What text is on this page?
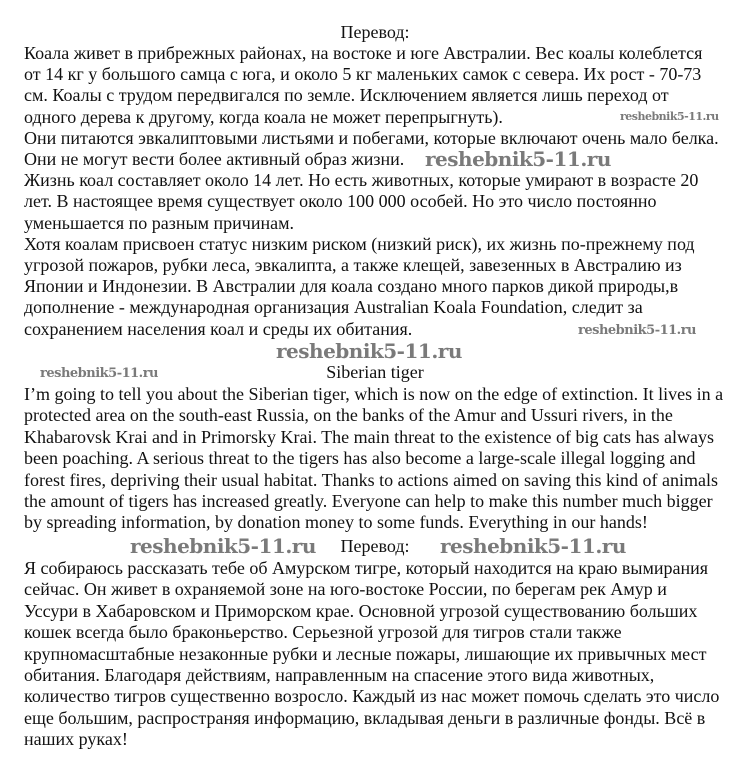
Перевод:
Коала живет в прибрежных районах, на востоке и юге Австралии. Вес коалы колеблется
от 14 кг у большого самца с юга, и около 5 кг маленьких самок с севера. Их рост - 70-73
см. Коалы с трудом передвигался по земле. Исключением является лишь переход от
одного дерева к другому, когда коала не может перепрыгнуть).
Они питаются эвкалиптовыми листьями и побегами, которые включают очень мало белка.
Они не могут вести более активный образ жизни.
Жизнь коал составляет около 14 лет. Но есть животных, которые умирают в возрасте 20
лет. В настоящее время существует около 100 000 особей. Но это число постоянно
уменьшается по разным причинам.
Хотя коалам присвоен статус низким риском (низкий риск), их жизнь по-прежнему под
угрозой пожаров, рубки леса, эвкалипта, а также клещей, завезенных в Австралию из
Японии и Индонезии. В Австралии для коала создано много парков дикой природы,в
дополнение - международная организация Australian Koala Foundation, следит за
сохранением населения коал и среды их обитания.
Siberian tiger
I’m going to tell you about the Siberian tiger, which is now on the edge of extinction. It lives in a
protected area on the south-east Russia, on the banks of the Amur and Ussuri rivers, in the
Khabarovsk Krai and in Primorsky Krai. The main threat to the existence of big cats has always
been poaching. A serious threat to the tigers has also become a large-scale illegal logging and
forest fires, depriving their usual habitat. Thanks to actions aimed on saving this kind of animals
the amount of tigers has increased greatly. Everyone can help to make this number much bigger
by spreading information, by donation money to some funds. Everything in our hands!
Перевод:
Я собираюсь рассказать тебе об Амурском тигре, который находится на краю вымирания
сейчас. Он живет в охраняемой зоне на юго-востоке России, по берегам рек Амур и
Уссури в Хабаровском и Приморском крае. Основной угрозой существованию больших
кошек всегда было браконьерство. Серьезной угрозой для тигров стали также
крупномасштабные незаконные рубки и лесные пожары, лишающие их привычных мест
обитания. Благодаря действиям, направленным на спасение этого вида животных,
количество тигров существенно возросло. Каждый из нас может помочь сделать это число
еще большим, распространяя информацию, вкладывая деньги в различные фонды. Всё в
наших руках!
reshebnik5-11.ru
reshebnik5-11.ru
reshebnik5-11.ru
reshebnik5-11.ru
reshebnik5-11.ru
reshebnik5-11.ru	reshebnik5-11.ru
